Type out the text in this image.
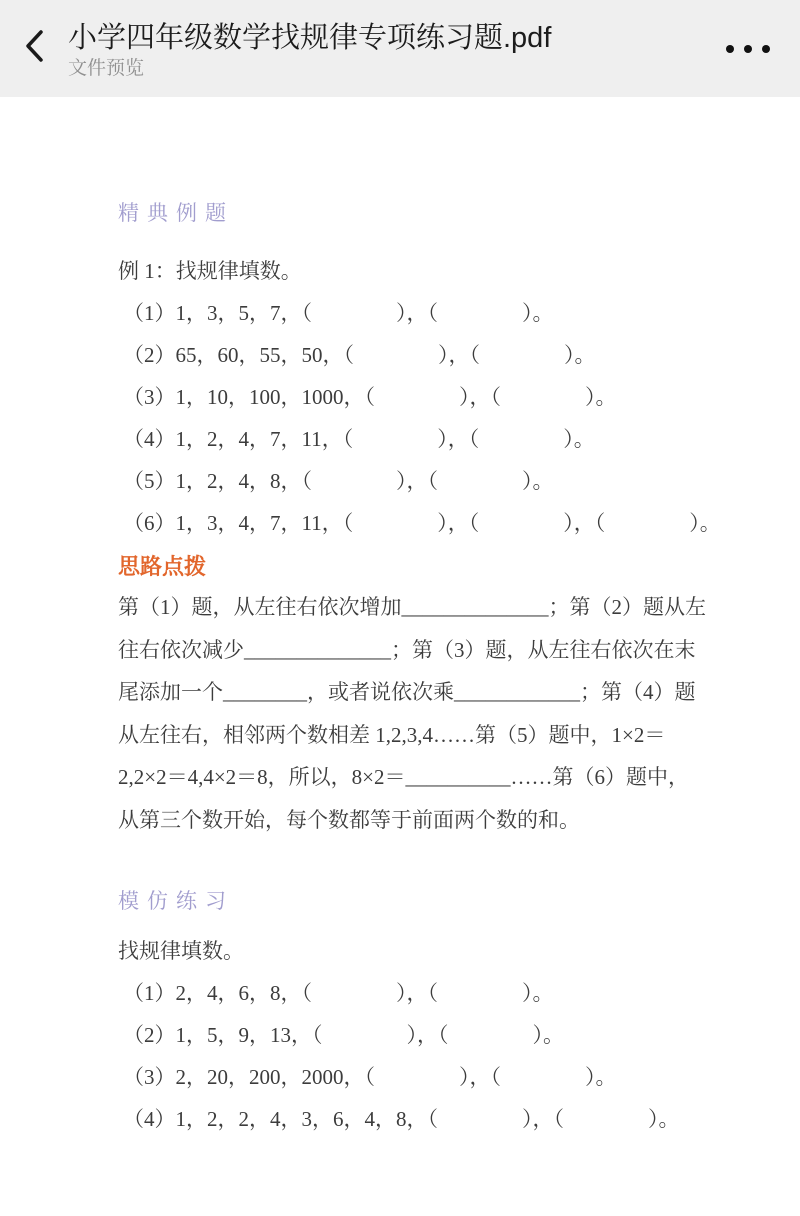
小学四年级数学找规律专项练习题.pdf
文件预览
精典例题
例 1：找规律填数。
（1）1，3，5，7，（　　　　），（　　　　）。
（2）65，60，55，50，（　　　　），（　　　　）。
（3）1，10，100，1000，（　　　　），（　　　　）。
（4）1，2，4，7，11，（　　　　），（　　　　）。
（5）1，2，4，8，（　　　　），（　　　　）。
（6）1，3，4，7，11，（　　　　），（　　　　），（　　　　）。
思路点拨
第（1）题，从左往右依次增加______________；第（2）题从左
往右依次减少______________；第（3）题，从左往右依次在末
尾添加一个________，或者说依次乘____________；第（4）题
从左往右，相邻两个数相差 1,2,3,4……第（5）题中，1×2＝
2,2×2＝4,4×2＝8，所以，8×2＝__________……第（6）题中，
从第三个数开始，每个数都等于前面两个数的和。
模仿练习
找规律填数。
（1）2，4，6，8，（　　　　），（　　　　）。
（2）1，5，9，13，（　　　　），（　　　　）。
（3）2，20，200，2000，（　　　　），（　　　　）。
（4）1，2，2，4，3，6，4，8，（　　　　），（　　　　）。
